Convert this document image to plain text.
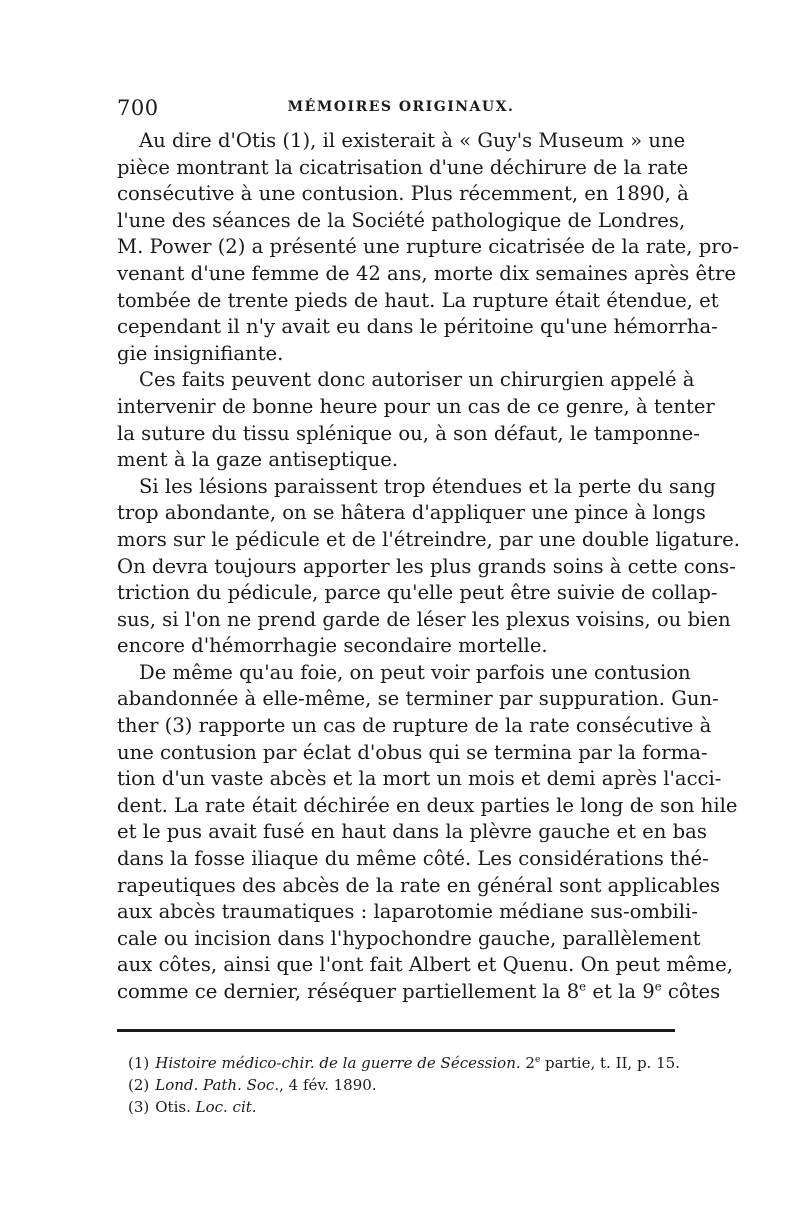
700	MÉMOIRES ORIGINAUX.
Au dire d'Otis (1), il existerait à « Guy's Museum » une
pièce montrant la cicatrisation d'une déchirure de la rate
consécutive à une contusion. Plus récemment, en 1890, à
l'une des séances de la Société pathologique de Londres,
M. Power (2) a présenté une rupture cicatrisée de la rate, pro-
venant d'une femme de 42 ans, morte dix semaines après être
tombée de trente pieds de haut. La rupture était étendue, et
cependant il n'y avait eu dans le péritoine qu'une hémorrha-
gie insignifiante.
Ces faits peuvent donc autoriser un chirurgien appelé à
intervenir de bonne heure pour un cas de ce genre, à tenter
la suture du tissu splénique ou, à son défaut, le tamponne-
ment à la gaze antiseptique.
Si les lésions paraissent trop étendues et la perte du sang
trop abondante, on se hâtera d'appliquer une pince à longs
mors sur le pédicule et de l'étreindre, par une double ligature.
On devra toujours apporter les plus grands soins à cette cons-
triction du pédicule, parce qu'elle peut être suivie de collap-
sus, si l'on ne prend garde de léser les plexus voisins, ou bien
encore d'hémorrhagie secondaire mortelle.
De même qu'au foie, on peut voir parfois une contusion
abandonnée à elle-même, se terminer par suppuration. Gun-
ther (3) rapporte un cas de rupture de la rate consécutive à
une contusion par éclat d'obus qui se termina par la forma-
tion d'un vaste abcès et la mort un mois et demi après l'acci-
dent. La rate était déchirée en deux parties le long de son hile
et le pus avait fusé en haut dans la plèvre gauche et en bas
dans la fosse iliaque du même côté. Les considérations thé-
rapeutiques des abcès de la rate en général sont applicables
aux abcès traumatiques : laparotomie médiane sus-ombili-
cale ou incision dans l'hypochondre gauche, parallèlement
aux côtes, ainsi que l'ont fait Albert et Quenu. On peut même,
comme ce dernier, réséquer partiellement la 8e et la 9e côtes
(1) Histoire médico-chir. de la guerre de Sécession. 2e partie, t. II, p. 15.
(2) Lond. Path. Soc., 4 fév. 1890.
(3) Otis. Loc. cit.
